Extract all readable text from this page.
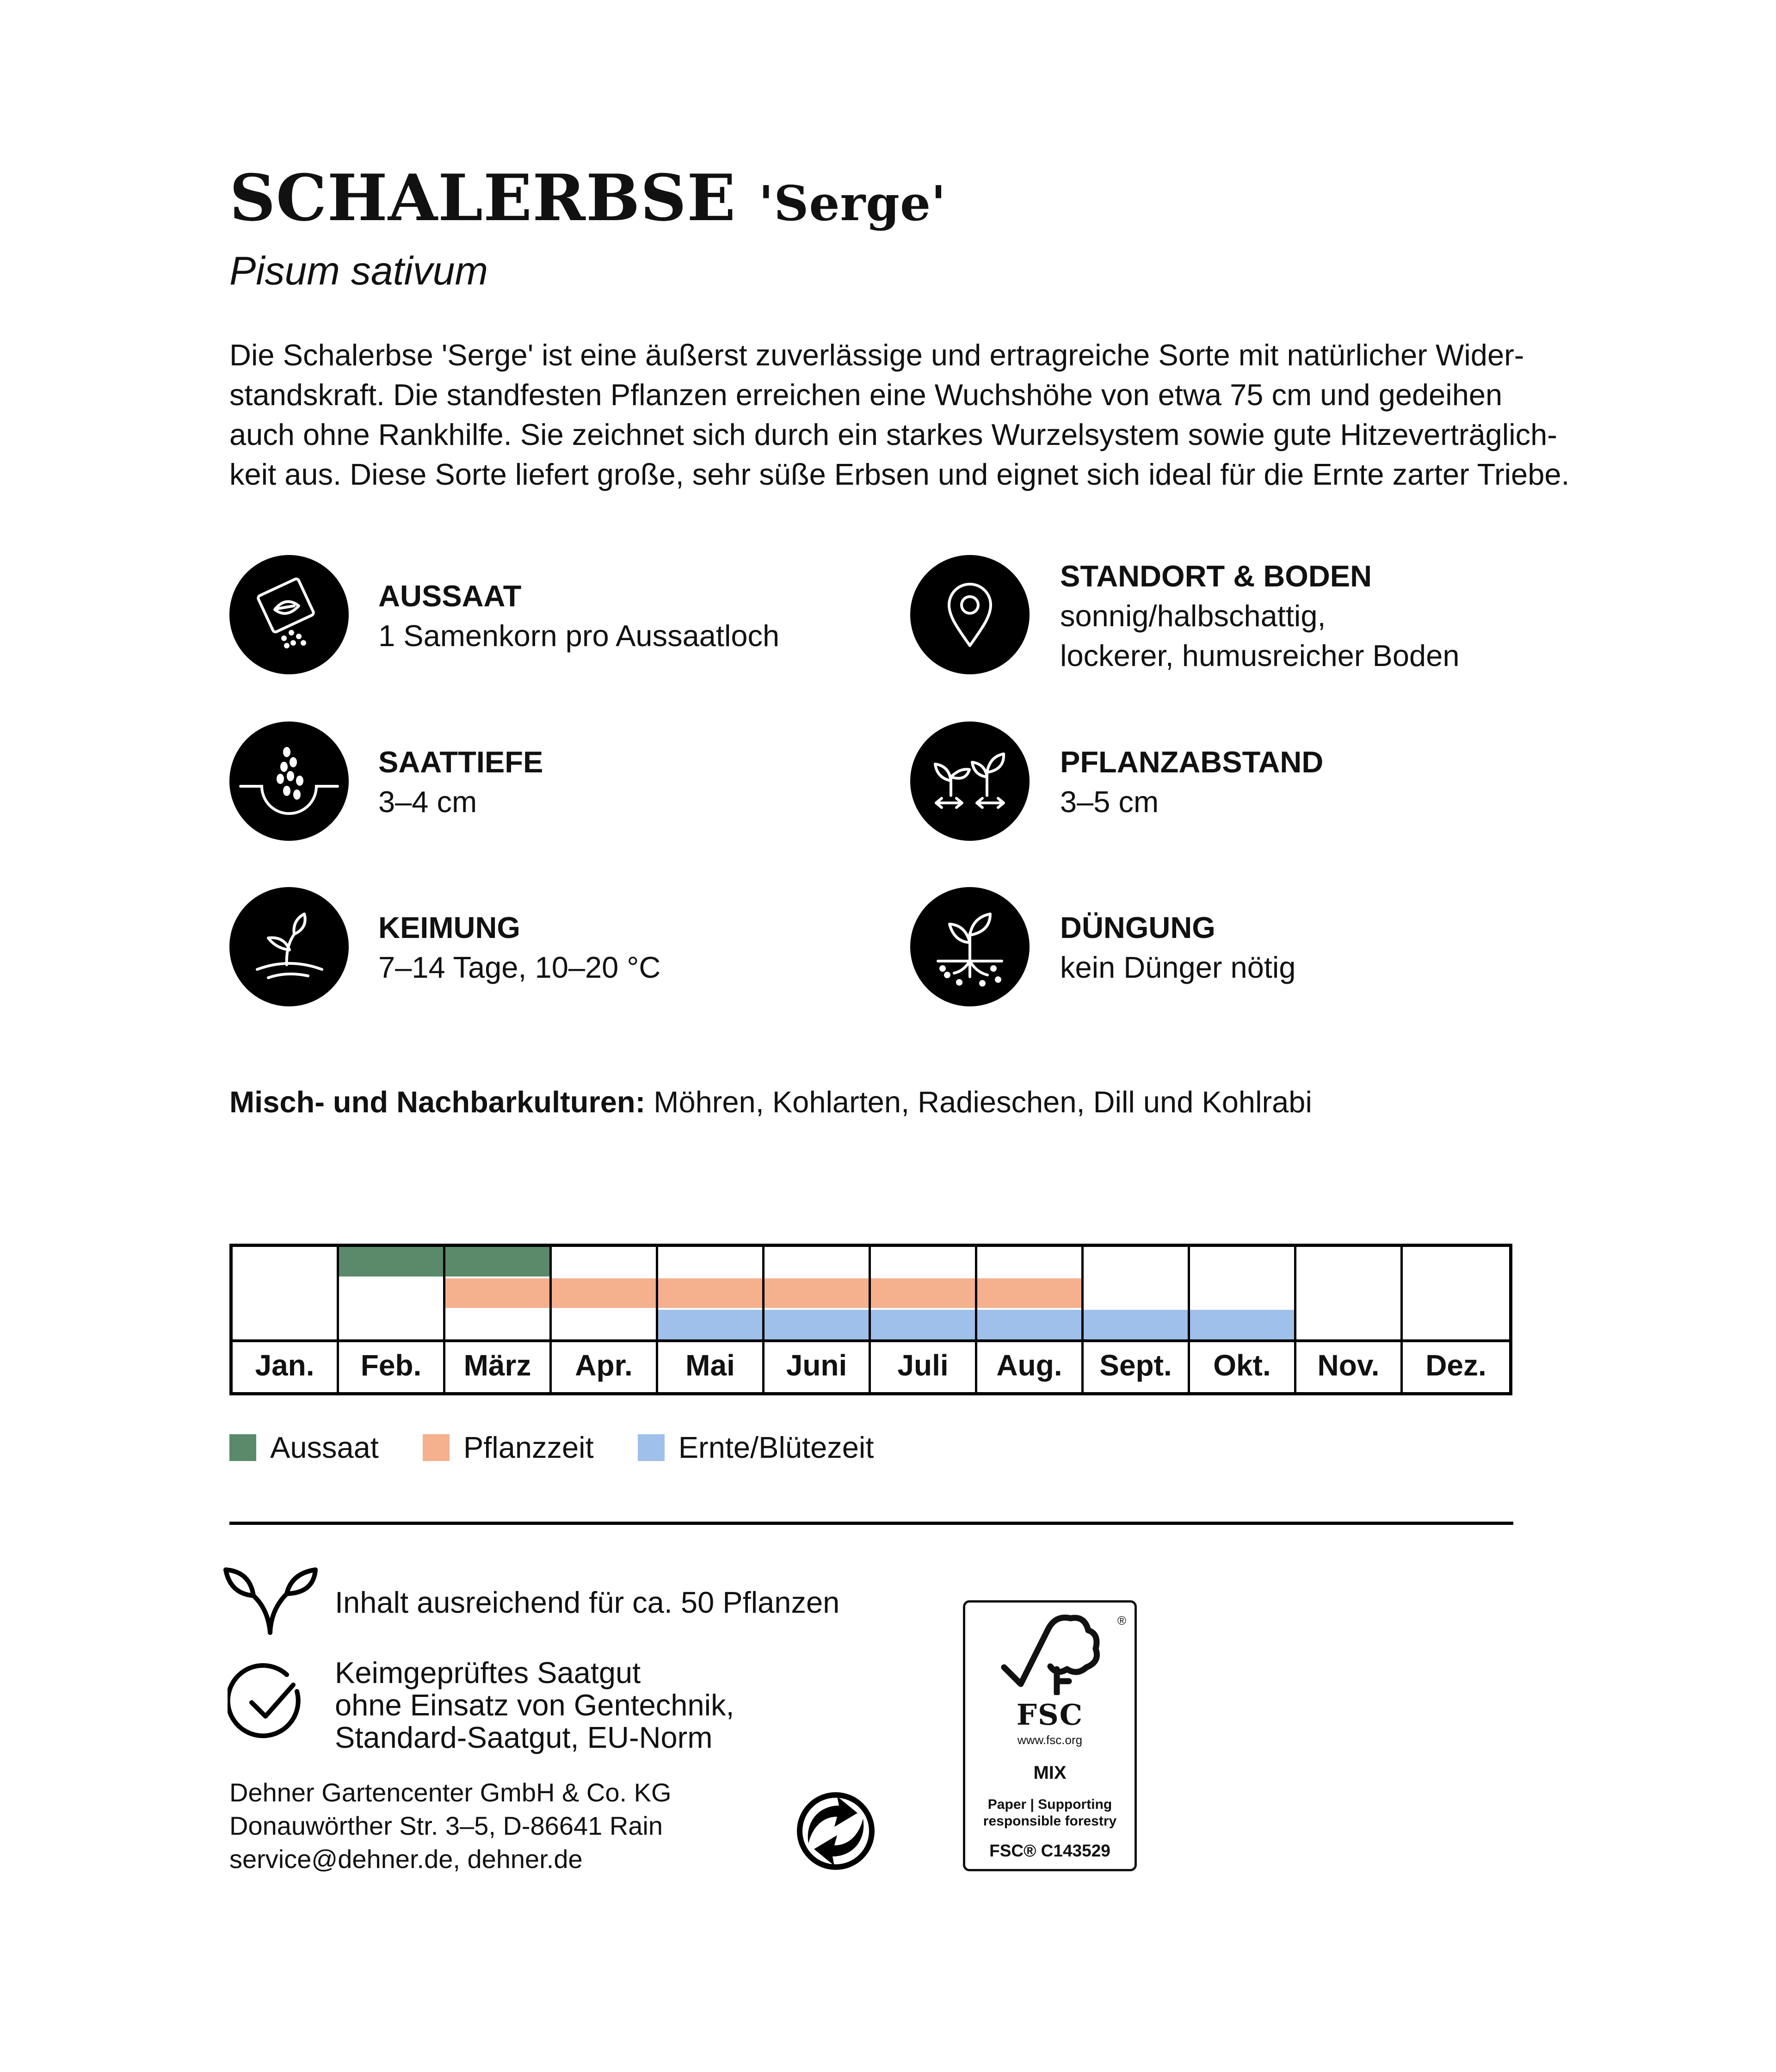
SCHALERBSE 'Serge'
Pisum sativum
Die Schalerbse 'Serge' ist eine äußerst zuverlässige und ertragreiche Sorte mit natürlicher Wider-
standskraft. Die standfesten Pflanzen erreichen eine Wuchshöhe von etwa 75 cm und gedeihen
auch ohne Rankhilfe. Sie zeichnet sich durch ein starkes Wurzelsystem sowie gute Hitzeverträglich-
keit aus. Diese Sorte liefert große, sehr süße Erbsen und eignet sich ideal für die Ernte zarter Triebe.
AUSSAAT
1 Samenkorn pro Aussaatloch
STANDORT & BODEN
sonnig/halbschattig,
lockerer, humusreicher Boden
SAATTIEFE
3–4 cm
PFLANZABSTAND
3–5 cm
KEIMUNG
7–14 Tage, 10–20 °C
DÜNGUNG
kein Dünger nötig
Misch- und Nachbarkulturen: Möhren, Kohlarten, Radieschen, Dill und Kohlrabi
Jan.	Feb.	März	Apr.	Mai	Juni	Juli	Aug.	Sept.	Okt.	Nov.	Dez.
Aussaat	Pflanzzeit	Ernte/Blütezeit
Inhalt ausreichend für ca. 50 Pflanzen
Keimgeprüftes Saatgut
ohne Einsatz von Gentechnik,
Standard-Saatgut, EU-Norm
Dehner Gartencenter GmbH & Co. KG
Donauwörther Str. 3–5, D-86641 Rain
service@dehner.de, dehner.de
®
FSC
www.fsc.org
MIX
Paper | Supporting
responsible forestry
FSC® C143529
